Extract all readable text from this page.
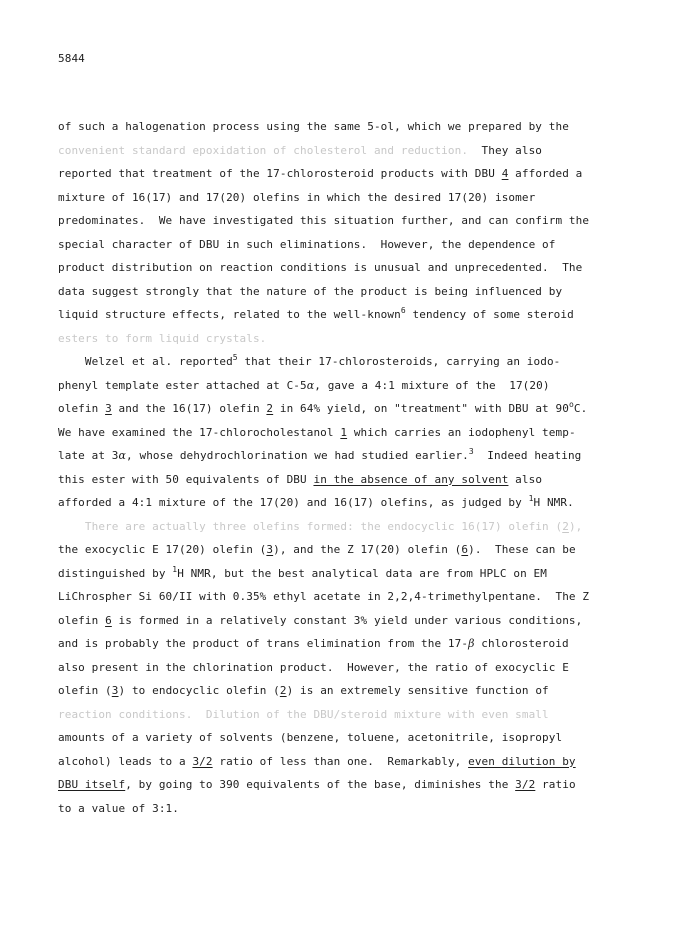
5844
of such a halogenation process using the same 5-ol, which we prepared by the
convenient standard epoxidation of cholesterol and reduction.  They also
reported that treatment of the 17-chlorosteroid products with DBU 4 afforded a
mixture of 16(17) and 17(20) olefins in which the desired 17(20) isomer
predominates.  We have investigated this situation further, and can confirm the
special character of DBU in such eliminations.  However, the dependence of
product distribution on reaction conditions is unusual and unprecedented.  The
data suggest strongly that the nature of the product is being influenced by
liquid structure effects, related to the well-known$^6$ tendency of some steroid
esters to form liquid crystals.
Welzel et al. reported$^5$ that their 17-chlorosteroids, carrying an iodo-
phenyl template ester attached at C-5α, gave a 4:1 mixture of the  17(20)
olefin 3 and the 16(17) olefin 2 in 64% yield, on "treatment" with DBU at 90$^o$C.
We have examined the 17-chlorocholestanol 1 which carries an iodophenyl temp-
late at 3α, whose dehydrochlorination we had studied earlier.$^3$  Indeed heating
this ester with 50 equivalents of DBU in the absence of any solvent also
afforded a 4:1 mixture of the 17(20) and 16(17) olefins, as judged by $^1$H NMR.
There are actually three olefins formed: the endocyclic 16(17) olefin (2),
the exocyclic E 17(20) olefin (3), and the Z 17(20) olefin (6).  These can be
distinguished by $^1$H NMR, but the best analytical data are from HPLC on EM
LiChrospher Si 60/II with 0.35% ethyl acetate in 2,2,4-trimethylpentane.  The Z
olefin 6 is formed in a relatively constant 3% yield under various conditions,
and is probably the product of trans elimination from the 17-β chlorosteroid
also present in the chlorination product.  However, the ratio of exocyclic E
olefin (3) to endocyclic olefin (2) is an extremely sensitive function of
reaction conditions.  Dilution of the DBU/steroid mixture with even small
amounts of a variety of solvents (benzene, toluene, acetonitrile, isopropyl
alcohol) leads to a 3/2 ratio of less than one.  Remarkably, even dilution by
DBU itself, by going to 390 equivalents of the base, diminishes the 3/2 ratio
to a value of 3:1.
